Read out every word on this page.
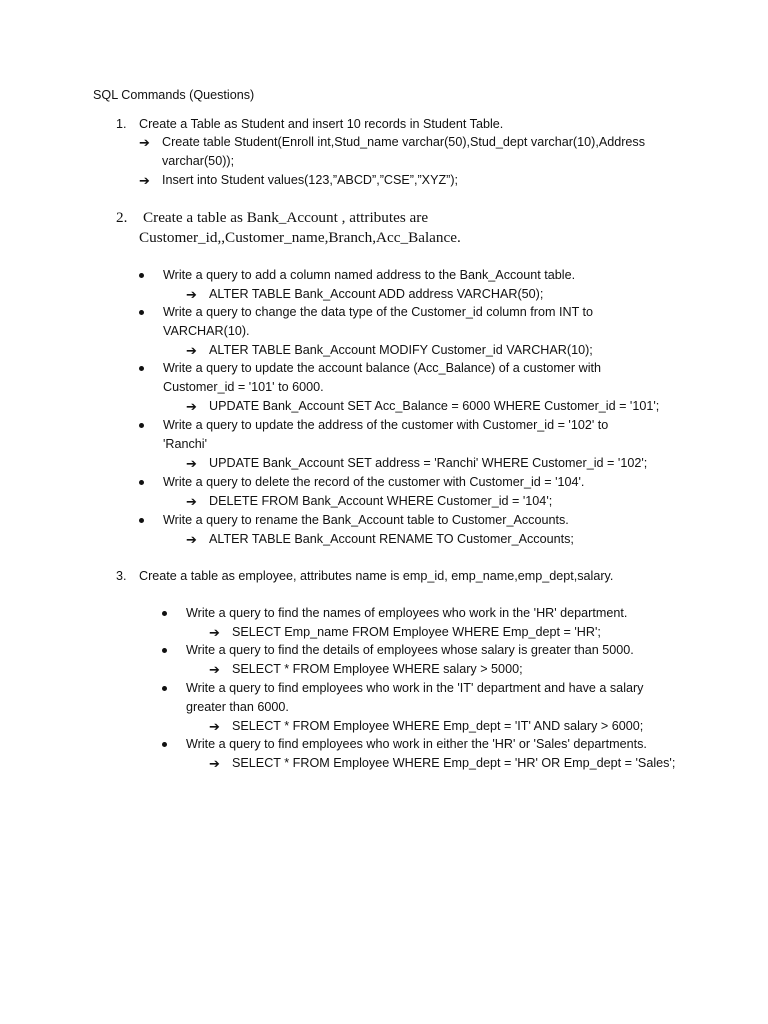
SQL Commands (Questions)
1. Create a Table as Student and insert 10 records in Student Table.
➔ Create table Student(Enroll int,Stud_name varchar(50),Stud_dept varchar(10),Address
varchar(50));
➔ Insert into Student values(123,”ABCD”,”CSE”,”XYZ”);
2. Create a table as Bank_Account , attributes are
Customer_id,,Customer_name,Branch,Acc_Balance.
Write a query to add a column named address to the Bank_Account table.
➔ ALTER TABLE Bank_Account ADD address VARCHAR(50);
Write a query to change the data type of the Customer_id column from INT to
VARCHAR(10).
➔ ALTER TABLE Bank_Account MODIFY Customer_id VARCHAR(10);
Write a query to update the account balance (Acc_Balance) of a customer with
Customer_id = '101' to 6000.
➔ UPDATE Bank_Account SET Acc_Balance = 6000 WHERE Customer_id = '101';
Write a query to update the address of the customer with Customer_id = '102' to
'Ranchi'
➔ UPDATE Bank_Account SET address = 'Ranchi' WHERE Customer_id = '102';
Write a query to delete the record of the customer with Customer_id = '104'.
➔ DELETE FROM Bank_Account WHERE Customer_id = '104';
Write a query to rename the Bank_Account table to Customer_Accounts.
➔ ALTER TABLE Bank_Account RENAME TO Customer_Accounts;
3. Create a table as employee, attributes name is emp_id, emp_name,emp_dept,salary.
Write a query to find the names of employees who work in the 'HR' department.
➔ SELECT Emp_name FROM Employee WHERE Emp_dept = 'HR';
Write a query to find the details of employees whose salary is greater than 5000.
➔ SELECT * FROM Employee WHERE salary > 5000;
Write a query to find employees who work in the 'IT' department and have a salary
greater than 6000.
➔ SELECT * FROM Employee WHERE Emp_dept = 'IT' AND salary > 6000;
Write a query to find employees who work in either the 'HR' or 'Sales' departments.
➔ SELECT * FROM Employee WHERE Emp_dept = 'HR' OR Emp_dept = 'Sales';
